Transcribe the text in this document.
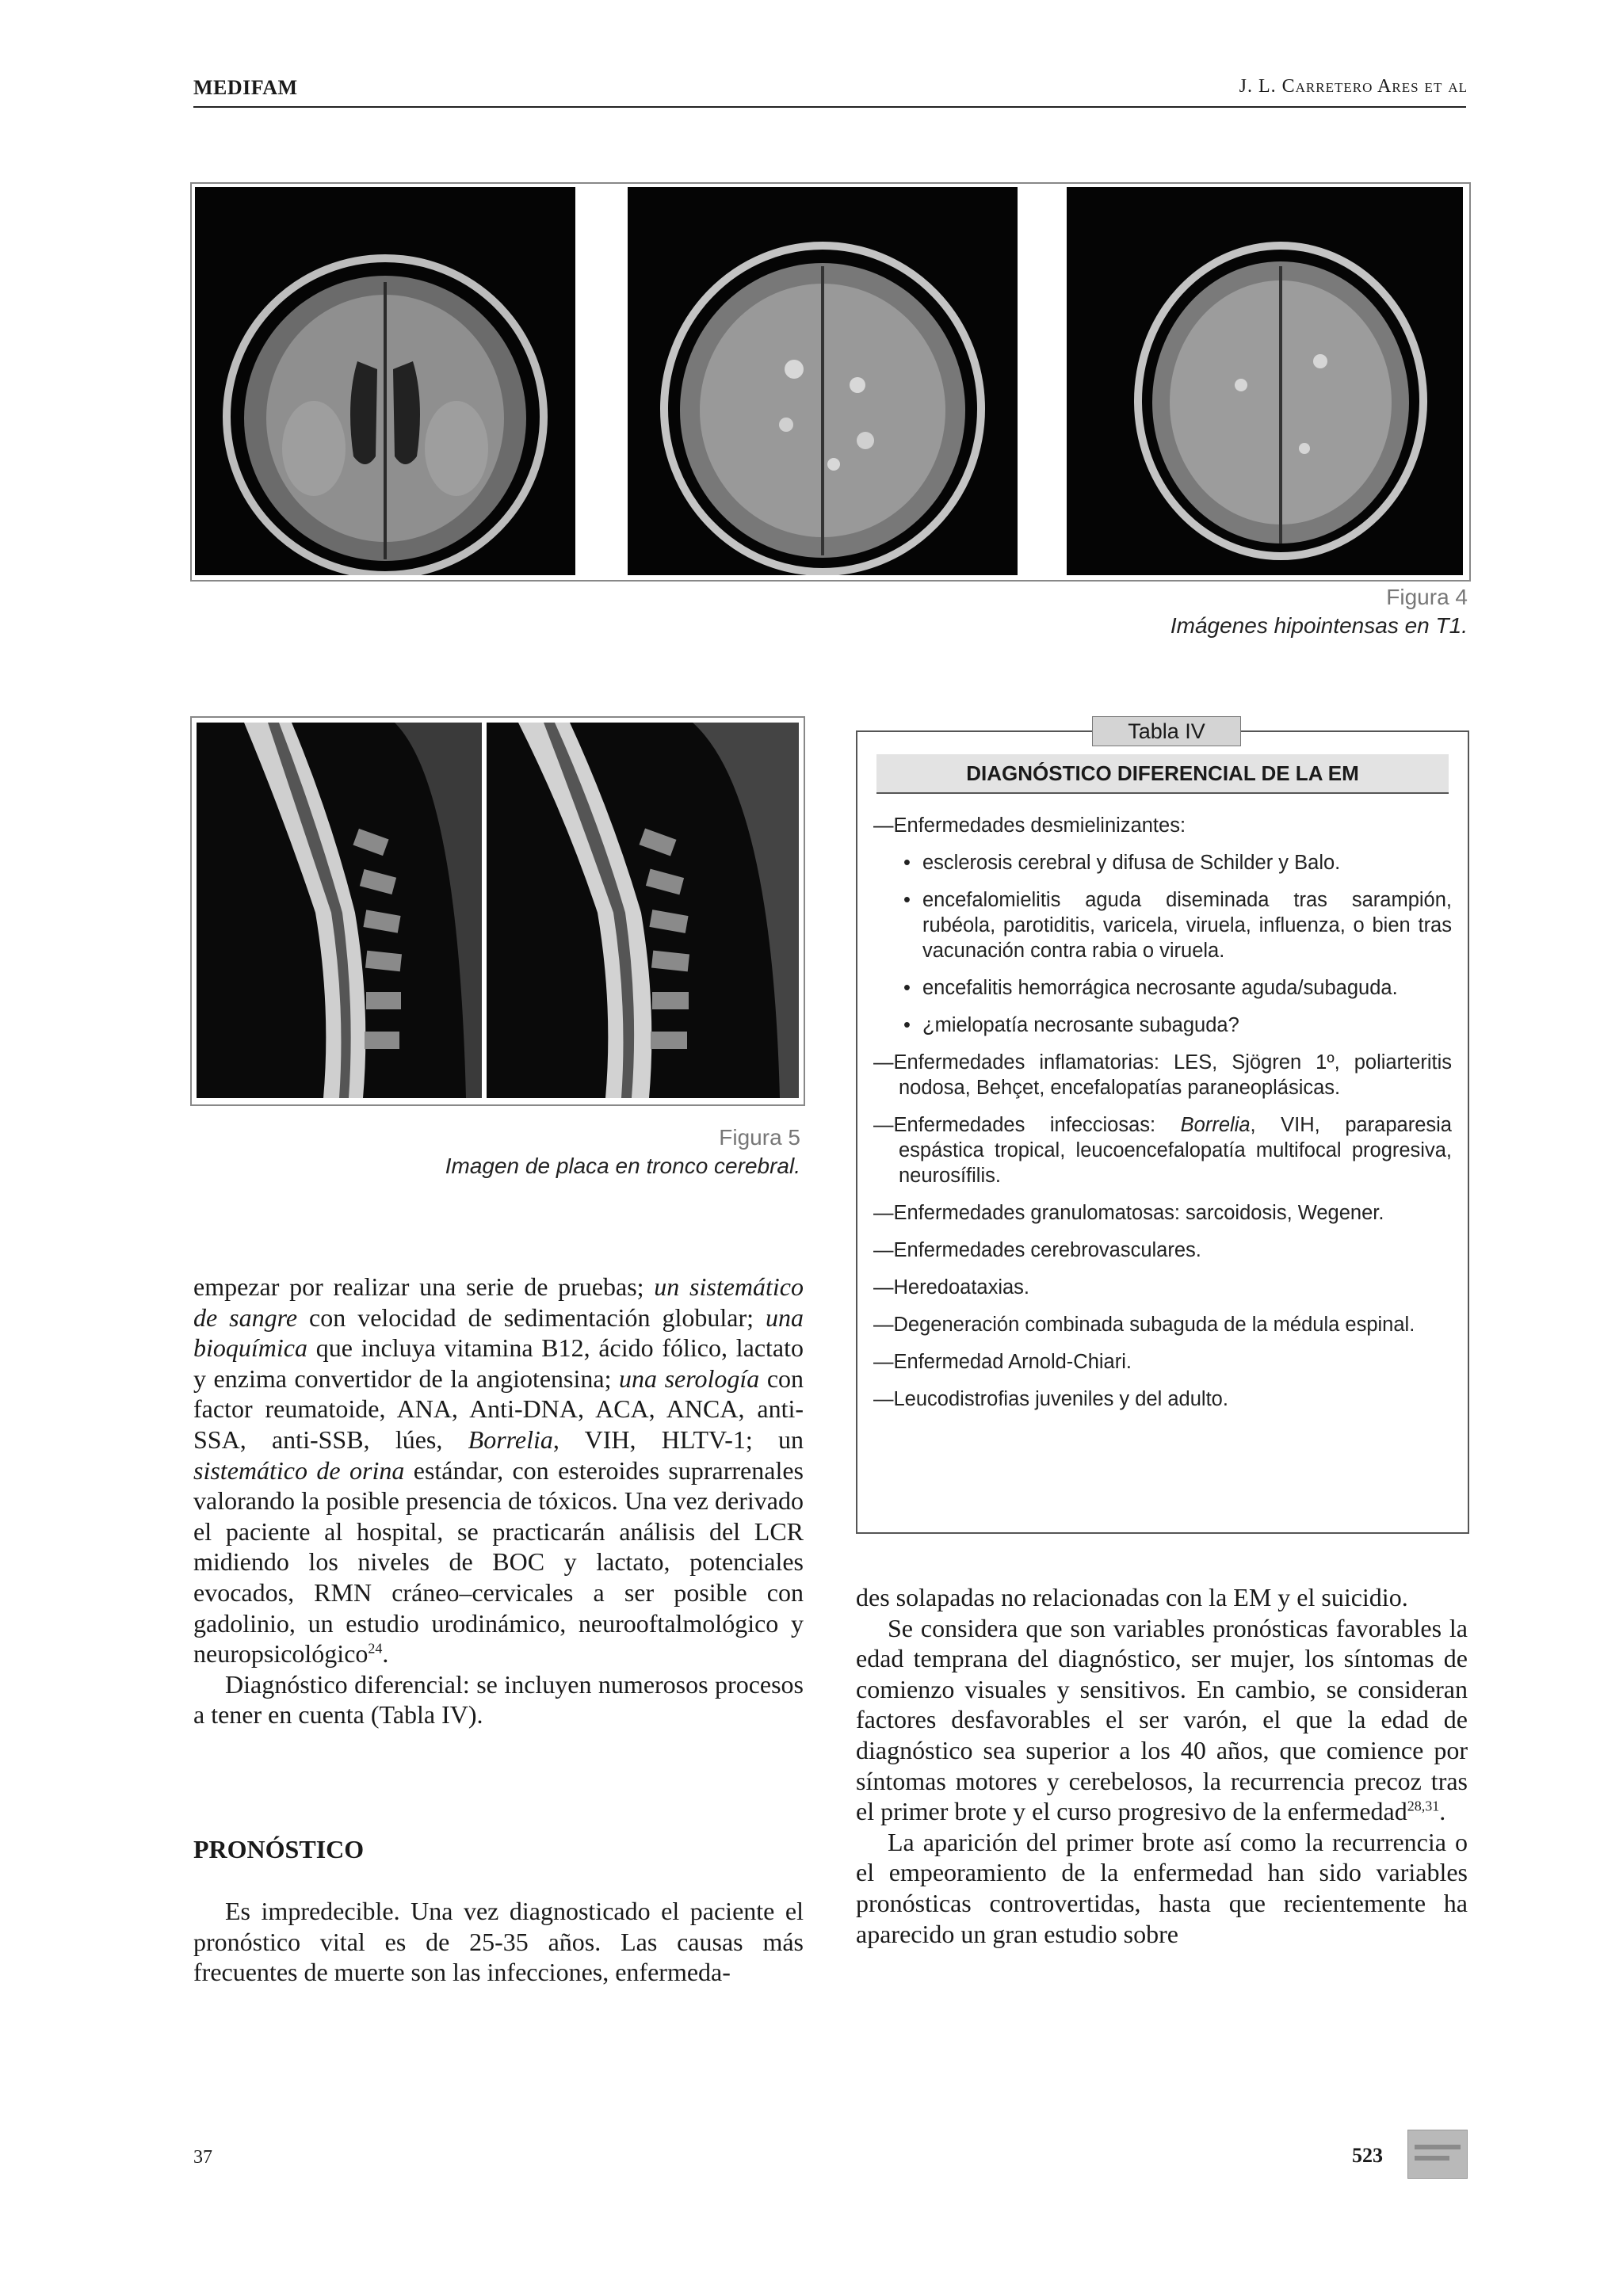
MEDIFAM	J. L. Carretero Ares et al
Figura 4
Imágenes hipointensas en T1.
Figura 5
Imagen de placa en tronco cerebral.
Tabla IV
DIAGNÓSTICO DIFERENCIAL DE LA EM

—Enfermedades desmielinizantes:

• esclerosis cerebral y difusa de Schilder y Balo.

• encefalomielitis aguda diseminada tras sarampión, rubéola, parotiditis, varicela, viruela, influenza, o bien tras vacunación contra rabia o viruela.

• encefalitis hemorrágica necrosante aguda/subaguda.

• ¿mielopatía necrosante subaguda?

—Enfermedades inflamatorias: LES, Sjögren 1º, poliarteritis nodosa, Behçet, encefalopatías paraneoplásicas.

—Enfermedades infecciosas: Borrelia, VIH, paraparesia espástica tropical, leucoencefalopatía multifocal progresiva, neurosífilis.

—Enfermedades granulomatosas: sarcoidosis, Wegener.

—Enfermedades cerebrovasculares.

—Heredoataxias.

—Degeneración combinada subaguda de la médula espinal.

—Enfermedad Arnold-Chiari.

—Leucodistrofias juveniles y del adulto.

empezar por realizar una serie de pruebas; un sistemático de sangre con velocidad de sedimentación globular; una bioquímica que incluya vitamina B12, ácido fólico, lactato y enzima convertidor de la angiotensina; una serología con factor reumatoide, ANA, Anti-DNA, ACA, ANCA, anti-SSA, anti-SSB, lúes, Borrelia, VIH, HLTV-1; un sistemático de orina estándar, con esteroides suprarrenales valorando la posible presencia de tóxicos. Una vez derivado el paciente al hospital, se practicarán análisis del LCR midiendo los niveles de BOC y lactato, potenciales evocados, RMN cráneo–cervicales a ser posible con gadolinio, un estudio urodinámico, neurooftalmológico y neuropsicológico$^{24}$.

Diagnóstico diferencial: se incluyen numerosos procesos a tener en cuenta (Tabla IV).

PRONÓSTICO

Es impredecible. Una vez diagnosticado el paciente el pronóstico vital es de 25-35 años. Las causas más frecuentes de muerte son las infecciones, enfermeda-

des solapadas no relacionadas con la EM y el suicidio.

Se considera que son variables pronósticas favorables la edad temprana del diagnóstico, ser mujer, los síntomas de comienzo visuales y sensitivos. En cambio, se consideran factores desfavorables el ser varón, el que la edad de diagnóstico sea superior a los 40 años, que comience por síntomas motores y cerebelosos, la recurrencia precoz tras el primer brote y el curso progresivo de la enfermedad$^{28,31}$.

La aparición del primer brote así como la recurrencia o el empeoramiento de la enfermedad han sido variables pronósticas controvertidas, hasta que recientemente ha aparecido un gran estudio sobre

37	523
